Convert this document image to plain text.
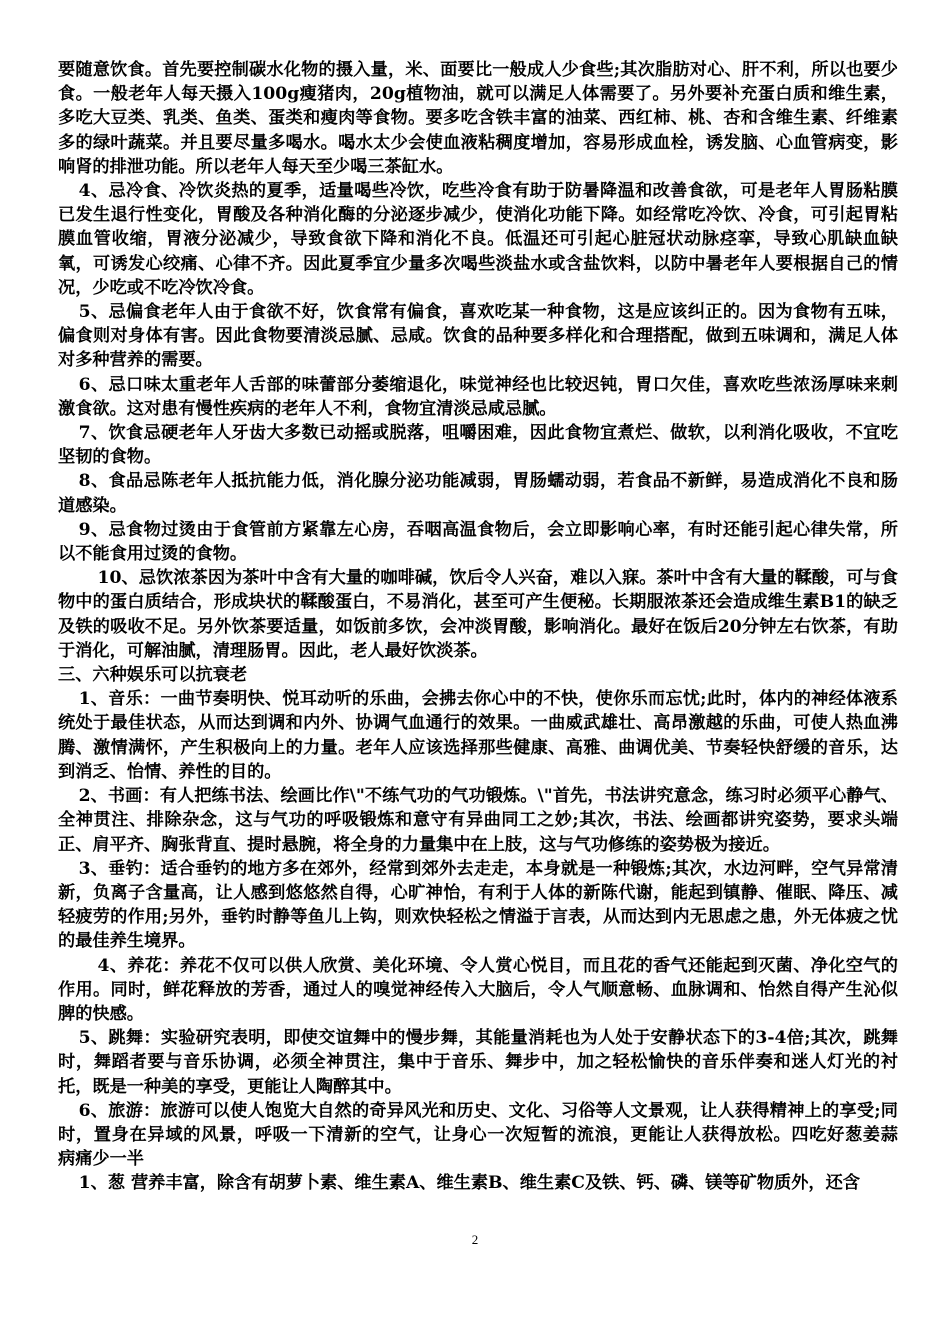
要随意饮食。首先要控制碳水化物的摄入量，米、面要比一般成人少食些;其次脂肪对心、肝不利，所以也要少食。一般老年人每天摄入100g瘦猪肉，20g植物油，就可以满足人体需要了。另外要补充蛋白质和维生素，多吃大豆类、乳类、鱼类、蛋类和瘦肉等食物。要多吃含铁丰富的油菜、西红柿、桃、杏和含维生素、纤维素多的绿叶蔬菜。并且要尽量多喝水。喝水太少会使血液粘稠度增加，容易形成血栓，诱发脑、心血管病变，影响肾的排泄功能。所以老年人每天至少喝三茶缸水。

4、忌冷食、冷饮炎热的夏季，适量喝些冷饮，吃些冷食有助于防暑降温和改善食欲，可是老年人胃肠粘膜已发生退行性变化，胃酸及各种消化酶的分泌逐步减少，使消化功能下降。如经常吃冷饮、冷食，可引起胃粘膜血管收缩，胃液分泌减少，导致食欲下降和消化不良。低温还可引起心脏冠状动脉痉挛，导致心肌缺血缺氧，可诱发心绞痛、心律不齐。因此夏季宜少量多次喝些淡盐水或含盐饮料，以防中暑老年人要根据自己的情况，少吃或不吃冷饮冷食。

5、忌偏食老年人由于食欲不好，饮食常有偏食，喜欢吃某一种食物，这是应该纠正的。因为食物有五味，偏食则对身体有害。因此食物要清淡忌腻、忌咸。饮食的品种要多样化和合理搭配，做到五味调和，满足人体对多种营养的需要。

6、忌口味太重老年人舌部的味蕾部分萎缩退化，味觉神经也比较迟钝，胃口欠佳，喜欢吃些浓汤厚味来刺激食欲。这对患有慢性疾病的老年人不利，食物宜清淡忌咸忌腻。

7、饮食忌硬老年人牙齿大多数已动摇或脱落，咀嚼困难，因此食物宜煮烂、做软，以利消化吸收，不宜吃坚韧的食物。

8、食品忌陈老年人抵抗能力低，消化腺分泌功能减弱，胃肠蠕动弱，若食品不新鲜，易造成消化不良和肠道感染。

9、忌食物过烫由于食管前方紧靠左心房，吞咽高温食物后，会立即影响心率，有时还能引起心律失常，所以不能食用过烫的食物。

10、忌饮浓茶因为茶叶中含有大量的咖啡碱，饮后令人兴奋，难以入寐。茶叶中含有大量的鞣酸，可与食物中的蛋白质结合，形成块状的鞣酸蛋白，不易消化，甚至可产生便秘。长期服浓茶还会造成维生素B1的缺乏及铁的吸收不足。另外饮茶要适量，如饭前多饮，会冲淡胃酸，影响消化。最好在饭后20分钟左右饮茶，有助于消化，可解油腻，清理肠胃。因此，老人最好饮淡茶。

三、六种娱乐可以抗衰老

1、音乐：一曲节奏明快、悦耳动听的乐曲，会拂去你心中的不快，使你乐而忘忧;此时，体内的神经体液系统处于最佳状态，从而达到调和内外、协调气血通行的效果。一曲威武雄壮、高昂激越的乐曲，可使人热血沸腾、激情满怀，产生积极向上的力量。老年人应该选择那些健康、高雅、曲调优美、节奏轻快舒缓的音乐，达到消乏、怡情、养性的目的。

2、书画：有人把练书法、绘画比作\"不练气功的气功锻炼。\"首先，书法讲究意念，练习时必须平心静气、全神贯注、排除杂念，这与气功的呼吸锻炼和意守有异曲同工之妙;其次，书法、绘画都讲究姿势，要求头端正、肩平齐、胸张背直、提时悬腕，将全身的力量集中在上肢，这与气功修练的姿势极为接近。

3、垂钓：适合垂钓的地方多在郊外，经常到郊外去走走，本身就是一种锻炼;其次，水边河畔，空气异常清新，负离子含量高，让人感到悠悠然自得，心旷神怡，有利于人体的新陈代谢，能起到镇静、催眠、降压、减轻疲劳的作用;另外，垂钓时静等鱼儿上钩，则欢快轻松之情溢于言表，从而达到内无思虑之患，外无体疲之忧的最佳养生境界。

4、养花：养花不仅可以供人欣赏、美化环境、令人赏心悦目，而且花的香气还能起到灭菌、净化空气的作用。同时，鲜花释放的芳香，通过人的嗅觉神经传入大脑后，令人气顺意畅、血脉调和、怡然自得产生沁似脾的快感。

5、跳舞：实验研究表明，即使交谊舞中的慢步舞，其能量消耗也为人处于安静状态下的3-4倍;其次，跳舞时，舞蹈者要与音乐协调，必须全神贯注，集中于音乐、舞步中，加之轻松愉快的音乐伴奏和迷人灯光的衬托，既是一种美的享受，更能让人陶醉其中。

6、旅游：旅游可以使人饱览大自然的奇异风光和历史、文化、习俗等人文景观，让人获得精神上的享受;同时，置身在异域的风景，呼吸一下清新的空气，让身心一次短暂的流浪，更能让人获得放松。四吃好葱姜蒜　病痛少一半

1、葱 营养丰富，除含有胡萝卜素、维生素A、维生素B、维生素C及铁、钙、磷、镁等矿物质外，还含

2
